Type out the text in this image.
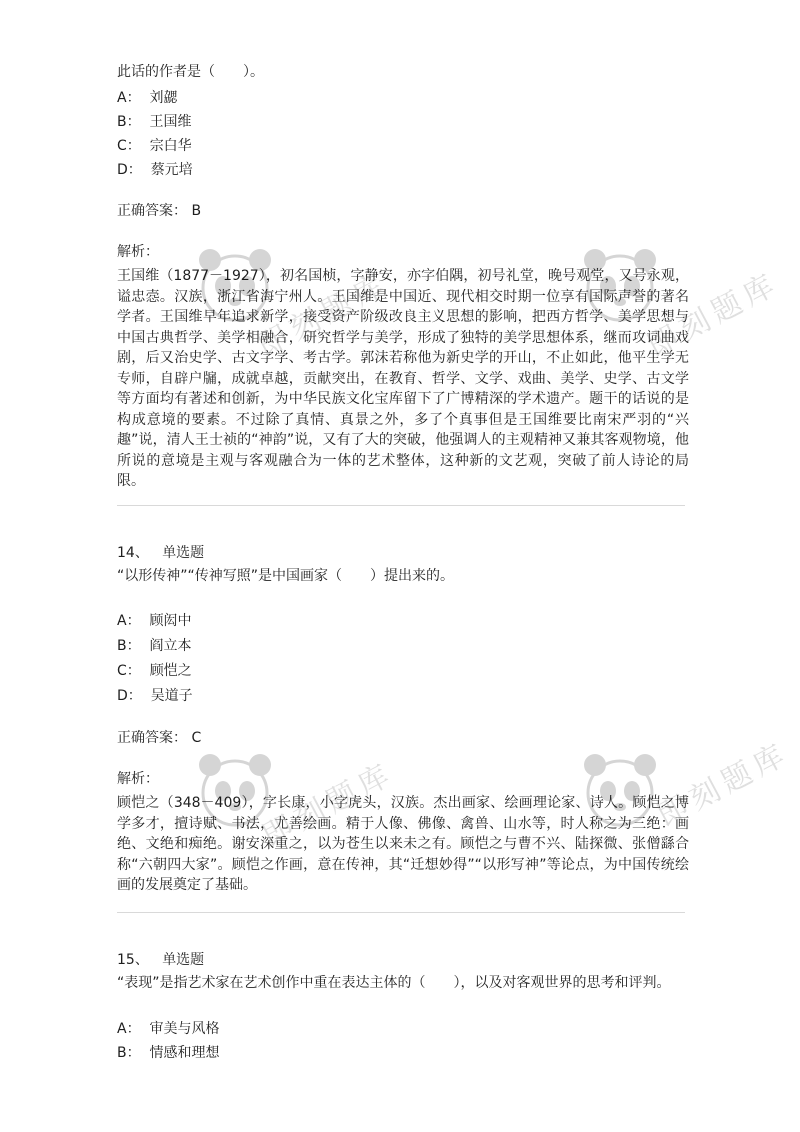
此话的作者是（　　）。
A： 刘勰
B： 王国维
C： 宗白华
D： 蔡元培
正确答案： B
解析：
王国维（1877－1927），初名国桢，字静安，亦字伯隅，初号礼堂，晚号观堂，又号永观，谥忠悫。汉族，浙江省海宁州人。王国维是中国近、现代相交时期一位享有国际声誉的著名学者。王国维早年追求新学，接受资产阶级改良主义思想的影响，把西方哲学、美学思想与中国古典哲学、美学相融合，研究哲学与美学，形成了独特的美学思想体系，继而攻词曲戏剧，后又治史学、古文字学、考古学。郭沫若称他为新史学的开山，不止如此，他平生学无专师，自辟户牖，成就卓越，贡献突出，在教育、哲学、文学、戏曲、美学、史学、古文学等方面均有著述和创新，为中华民族文化宝库留下了广博精深的学术遗产。题干的话说的是构成意境的要素。不过除了真情、真景之外，多了个真事但是王国维要比南宋严羽的“兴趣”说，清人王士祯的“神韵”说，又有了大的突破，他强调人的主观精神又兼其客观物境，他所说的意境是主观与客观融合为一体的艺术整体，这种新的文艺观，突破了前人诗论的局限。
14、 单选题
“以形传神”“传神写照”是中国画家（　　）提出来的。
A： 顾闳中
B： 阎立本
C： 顾恺之
D： 吴道子
正确答案： C
解析：
顾恺之（348－409），字长康，小字虎头，汉族。杰出画家、绘画理论家、诗人。顾恺之博学多才，擅诗赋、书法，尤善绘画。精于人像、佛像、禽兽、山水等，时人称之为三绝：画绝、文绝和痴绝。谢安深重之，以为苍生以来未之有。顾恺之与曹不兴、陆探微、张僧繇合称“六朝四大家”。顾恺之作画，意在传神，其“迁想妙得”“以形写神”等论点，为中国传统绘画的发展奠定了基础。
15、 单选题
“表现”是指艺术家在艺术创作中重在表达主体的（　　），以及对客观世界的思考和评判。
A： 审美与风格
B： 情感和理想
即刻题库	即刻题库
即刻题库	即刻题库
